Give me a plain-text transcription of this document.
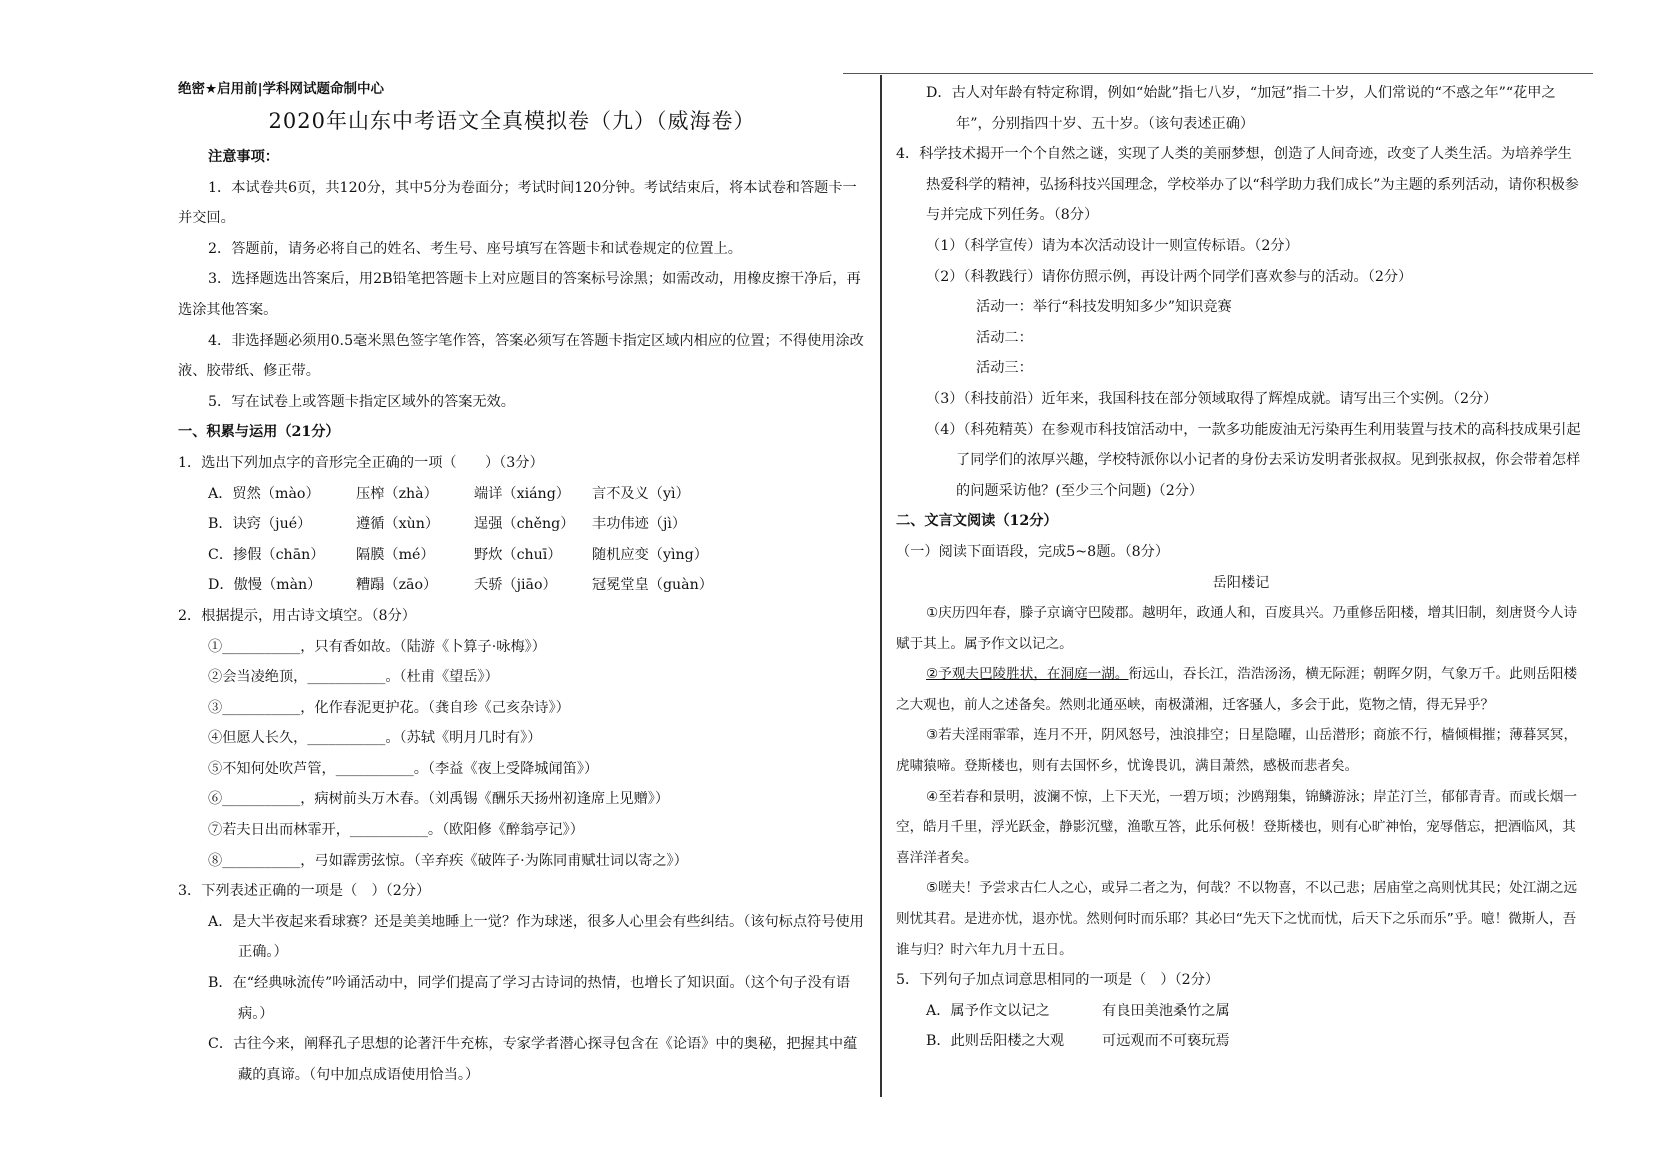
绝密★启用前|学科网试题命制中心
2020年山东中考语文全真模拟卷（九）（威海卷）
注意事项：
1．本试卷共6页，共120分，其中5分为卷面分；考试时间120分钟。考试结束后，将本试卷和答题卡一并交回。
2．答题前，请务必将自己的姓名、考生号、座号填写在答题卡和试卷规定的位置上。
3．选择题选出答案后，用2B铅笔把答题卡上对应题目的答案标号涂黑；如需改动，用橡皮擦干净后，再选涂其他答案。
4．非选择题必须用0.5毫米黑色签字笔作答，答案必须写在答题卡指定区域内相应的位置；不得使用涂改液、胶带纸、修正带。
5．写在试卷上或答题卡指定区域外的答案无效。
一、积累与运用（21分）
1．选出下列加点字的音形完全正确的一项（　　）（3分）
A．贸然（mào）	压榨（zhà）	端详（xiáng）	言不及义（yì）
B．诀窍（jué）	遵循（xùn）	逞强（chěng）	丰功伟迹（jì）
C．掺假（chān）	隔膜（mé）	野炊（chuī）	随机应变（yìng）
D．傲慢（màn）	糟蹋（zāo）	夭骄（jiāo）	冠冕堂皇（guàn）
2．根据提示，用古诗文填空。（8分）
①___________，只有香如故。（陆游《卜算子·咏梅》）
②会当凌绝顶，___________。（杜甫《望岳》）
③___________，化作春泥更护花。（龚自珍《己亥杂诗》）
④但愿人长久，___________。（苏轼《明月几时有》）
⑤不知何处吹芦管，___________。（李益《夜上受降城闻笛》）
⑥___________，病树前头万木春。（刘禹锡《酬乐天扬州初逢席上见赠》）
⑦若夫日出而林霏开，___________。（欧阳修《醉翁亭记》）
⑧___________，弓如霹雳弦惊。（辛弃疾《破阵子·为陈同甫赋壮词以寄之》）
3．下列表述正确的一项是（　）（2分）
A．是大半夜起来看球赛？还是美美地睡上一觉？作为球迷，很多人心里会有些纠结。（该句标点符号使用正确。）
B．在“经典咏流传”吟诵活动中，同学们提高了学习古诗词的热情，也增长了知识面。（这个句子没有语病。）
C．古往今来，阐释孔子思想的论著汗牛充栋，专家学者潜心探寻包含在《论语》中的奥秘，把握其中蕴藏的真谛。（句中加点成语使用恰当。）
D．古人对年龄有特定称谓，例如“始龀”指七八岁，“加冠”指二十岁，人们常说的“不惑之年”“花甲之年”，分别指四十岁、五十岁。（该句表述正确）
4．科学技术揭开一个个自然之谜，实现了人类的美丽梦想，创造了人间奇迹，改变了人类生活。为培养学生热爱科学的精神，弘扬科技兴国理念，学校举办了以“科学助力我们成长”为主题的系列活动，请你积极参与并完成下列任务。（8分）
（1）（科学宣传）请为本次活动设计一则宣传标语。（2分）
（2）（科教践行）请你仿照示例，再设计两个同学们喜欢参与的活动。（2分）
活动一：举行“科技发明知多少”知识竞赛
活动二：
活动三：
（3）（科技前沿）近年来，我国科技在部分领域取得了辉煌成就。请写出三个实例。（2分）
（4）（科苑精英）在参观市科技馆活动中，一款多功能废油无污染再生利用装置与技术的高科技成果引起了同学们的浓厚兴趣，学校特派你以小记者的身份去采访发明者张叔叔。见到张叔叔，你会带着怎样的问题采访他？(至少三个问题)（2分）
二、文言文阅读（12分）
（一）阅读下面语段，完成5~8题。（8分）
岳阳楼记
①庆历四年春，滕子京谪守巴陵郡。越明年，政通人和，百废具兴。乃重修岳阳楼，增其旧制，刻唐贤今人诗赋于其上。属予作文以记之。
②予观夫巴陵胜状，在洞庭一湖。衔远山，吞长江，浩浩汤汤，横无际涯；朝晖夕阴，气象万千。此则岳阳楼之大观也，前人之述备矣。然则北通巫峡，南极潇湘，迁客骚人，多会于此，览物之情，得无异乎？
③若夫淫雨霏霏，连月不开，阴风怒号，浊浪排空；日星隐曜，山岳潜形；商旅不行，樯倾楫摧；薄暮冥冥，虎啸猿啼。登斯楼也，则有去国怀乡，忧谗畏讥，满目萧然，感极而悲者矣。
④至若春和景明，波澜不惊，上下天光，一碧万顷；沙鸥翔集，锦鳞游泳；岸芷汀兰，郁郁青青。而或长烟一空，皓月千里，浮光跃金，静影沉璧，渔歌互答，此乐何极！登斯楼也，则有心旷神怡，宠辱偕忘，把酒临风，其喜洋洋者矣。
⑤嗟夫！予尝求古仁人之心，或异二者之为，何哉？不以物喜，不以己悲；居庙堂之高则忧其民；处江湖之远则忧其君。是进亦忧，退亦忧。然则何时而乐耶？其必曰“先天下之忧而忧，后天下之乐而乐”乎。噫！微斯人，吾谁与归？时六年九月十五日。
5．下列句子加点词意思相同的一项是（　）（2分）
A．属予作文以记之	有良田美池桑竹之属
B．此则岳阳楼之大观	可远观而不可亵玩焉
